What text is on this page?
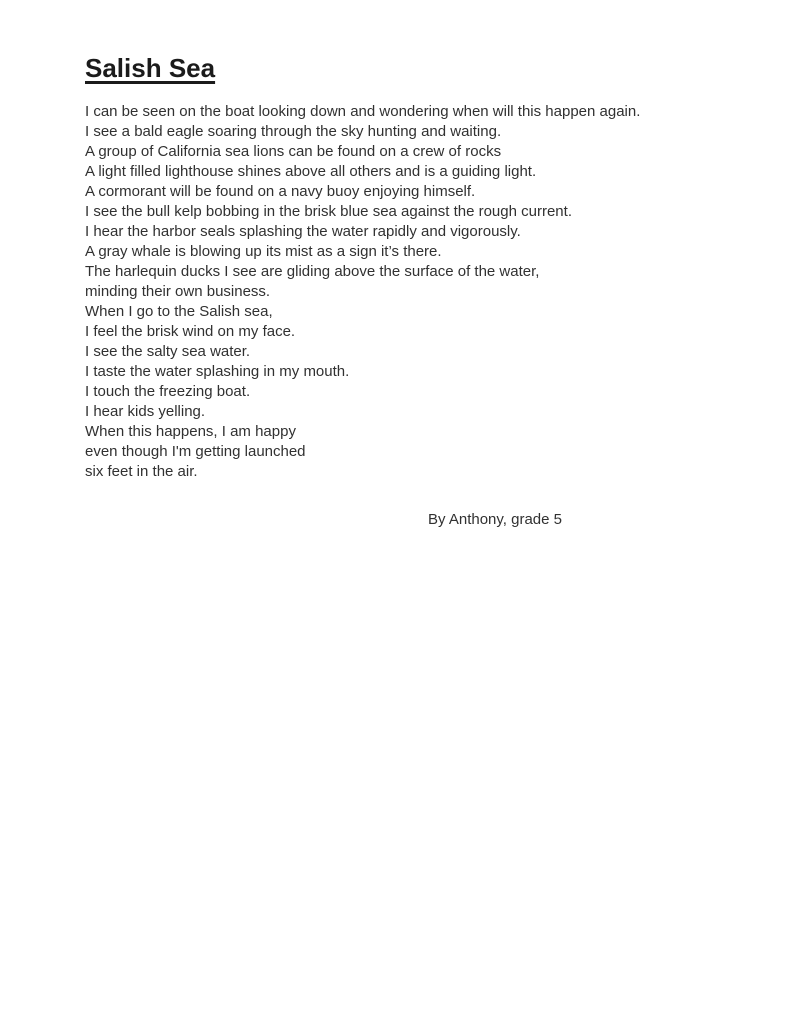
Salish Sea
I can be seen on the boat looking down and wondering when will this happen again.
I see a bald eagle soaring through the sky hunting and waiting.
A group of California sea lions can be found on a crew of rocks
A light filled lighthouse shines above all others and is a guiding light.
A cormorant will be found on a navy buoy enjoying himself.
I see the bull kelp bobbing in the brisk blue sea against the rough current.
I hear the harbor seals splashing the water rapidly and vigorously.
A gray whale is blowing up its mist as a sign it’s there.
The harlequin ducks I see are gliding above the surface of the water,
minding their own business.
When I go to the Salish sea,
I feel the brisk wind on my face.
I see the salty sea water.
I taste the water splashing in my mouth.
I touch the freezing boat.
I hear kids yelling.
When this happens, I am happy
even though I'm getting launched
six feet in the air.
By Anthony, grade 5
